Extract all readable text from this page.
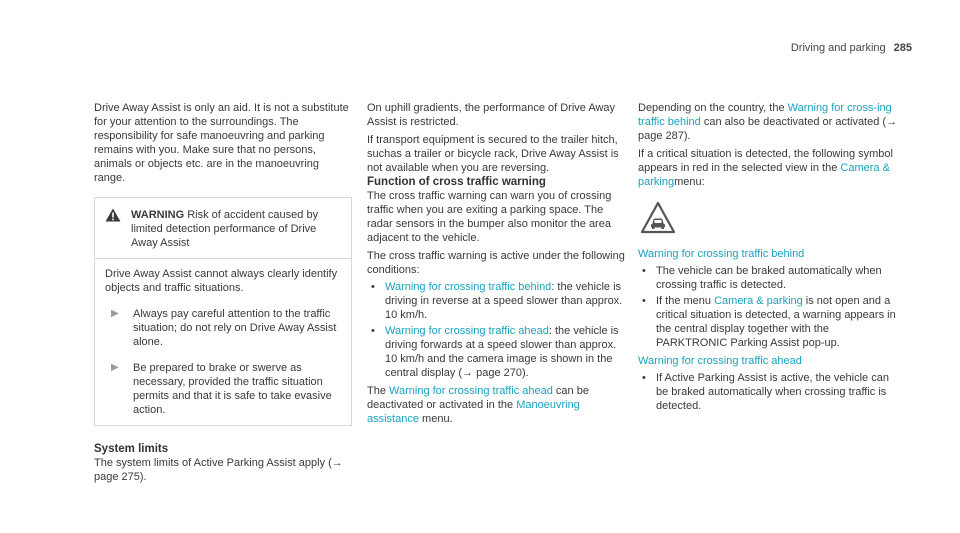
Driving and parking 285

Drive Away Assist is only an aid. It is not a substitute for your attention to the surroundings. The responsibility for safe manoeuvring and parking remains with you. Make sure that no persons, animals or objects etc. are in the manoeuvring range.

WARNING Risk of accident caused by limited detection performance of Drive Away Assist

Drive Away Assist cannot always clearly identify objects and traffic situations.

▶	Always pay careful attention to the traffic situation; do not rely on Drive Away Assist alone.

▶	Be prepared to brake or swerve as necessary, provided the traffic situation permits and that it is safe to take evasive action.

System limits

The system limits of Active Parking Assist apply (→ page 275).

On uphill gradients, the performance of Drive Away Assist is restricted.

If transport equipment is secured to the trailer hitch, suchas a trailer or bicycle rack, Drive Away Assist is not available when you are reversing.

Function of cross traffic warning

The cross traffic warning can warn you of crossing traffic when you are exiting a parking space. The radar sensors in the bumper also monitor the area adjacent to the vehicle.

The cross traffic warning is active under the following conditions:

• Warning for crossing traffic behind: the vehicle is driving in reverse at a speed slower than approx. 10 km/h.

• Warning for crossing traffic ahead: the vehicle is driving forwards at a speed slower than approx. 10 km/h and the camera image is shown in the central display (→ page 270).

The Warning for crossing traffic ahead can be deactivated or activated in the Manoeuvring assistance menu.

Depending on the country, the Warning for cross-ing traffic behind can also be deactivated or activated (→ page 287).

If a critical situation is detected, the following symbol appears in red in the selected view in the Camera & parkingmenu:

Warning for crossing traffic behind

• The vehicle can be braked automatically when crossing traffic is detected.

• If the menu Camera & parking is not open and a critical situation is detected, a warning appears in the central display together with the PARKTRONIC Parking Assist pop-up.

Warning for crossing traffic ahead

• If Active Parking Assist is active, the vehicle can be braked automatically when crossing traffic is detected.
